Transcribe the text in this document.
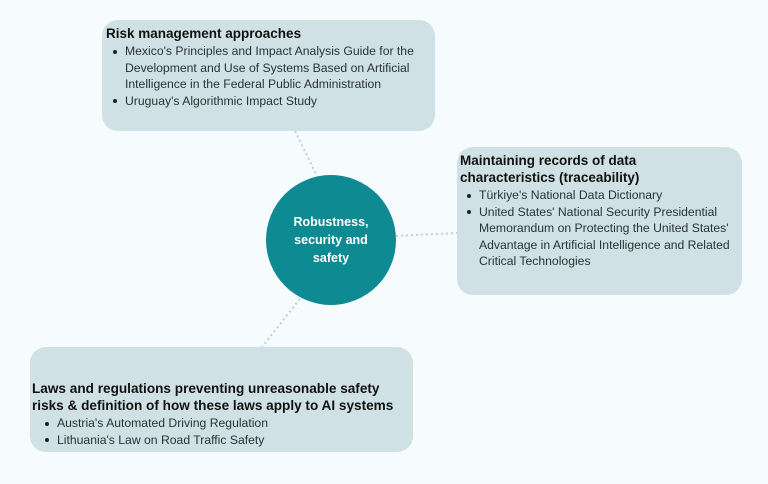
Risk management approaches
Mexico's Principles and Impact Analysis Guide for the Development and Use of Systems Based on Artificial Intelligence in the Federal Public Administration
Uruguay's Algorithmic Impact Study
Maintaining records of data characteristics (traceability)
Türkiye's National Data Dictionary
United States' National Security Presidential Memorandum on Protecting the United States' Advantage in Artificial Intelligence and Related Critical Technologies
Laws and regulations preventing unreasonable safety risks & definition of how these laws apply to AI systems
Austria's Automated Driving Regulation
Lithuania's Law on Road Traffic Safety
Robustness, security and safety
